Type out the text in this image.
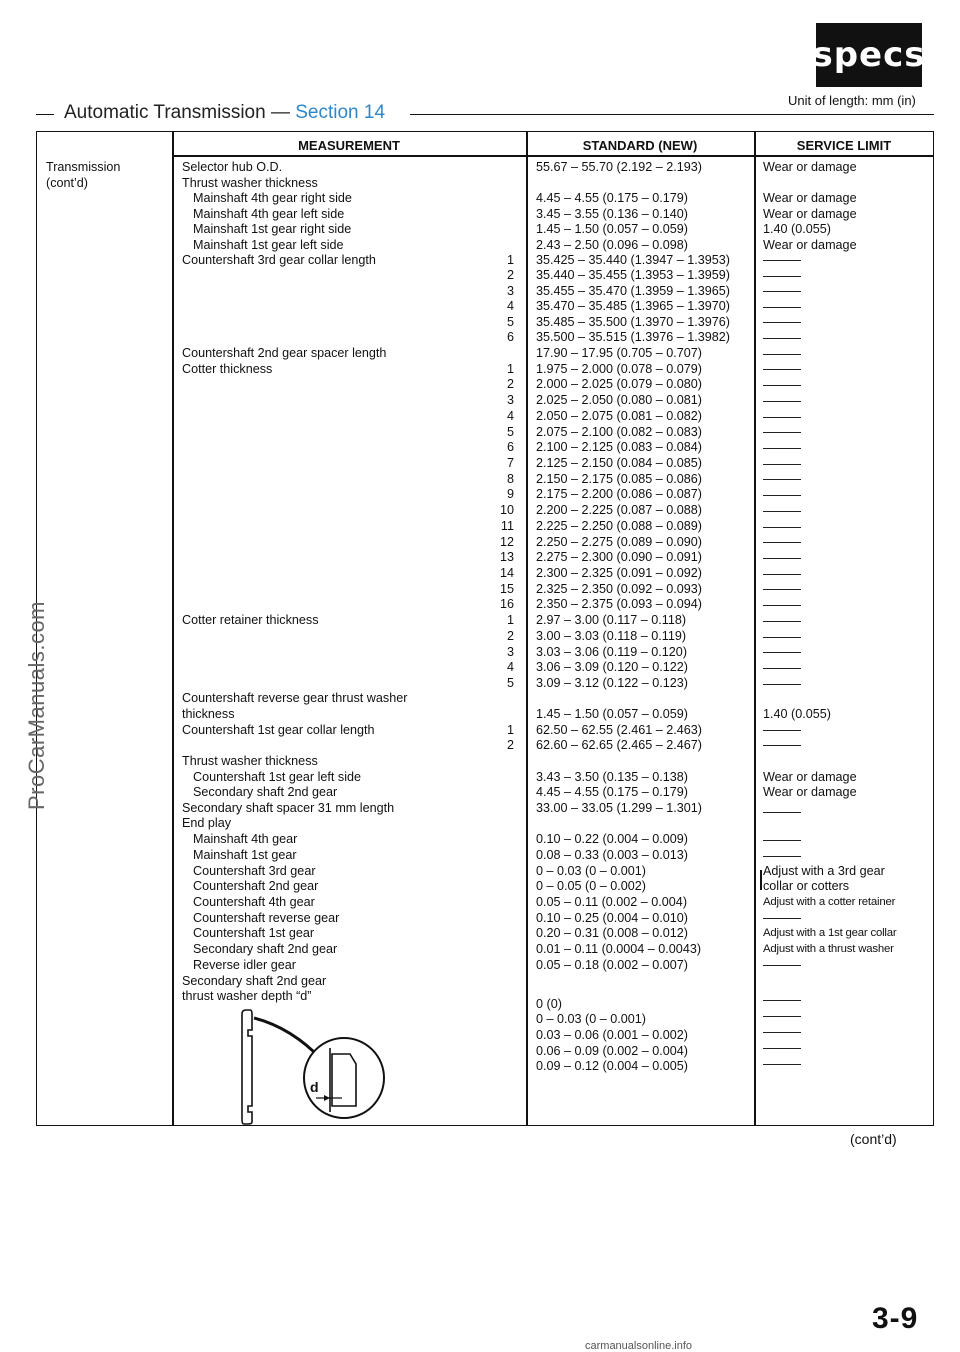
specs
Automatic Transmission — Section 14
Unit of length: mm (in)
MEASUREMENT	STANDARD (NEW)	SERVICE LIMIT
Transmission
(cont’d)
Selector hub O.D.
Thrust washer thickness
Mainshaft 4th gear right side
Mainshaft 4th gear left side
Mainshaft 1st gear right side
Mainshaft 1st gear left side
Countershaft 3rd gear collar length
Countershaft 2nd gear spacer length
Cotter thickness
Cotter retainer thickness
Countershaft reverse gear thrust washer
thickness
Countershaft 1st gear collar length
Thrust washer thickness
Countershaft 1st gear left side
Secondary shaft 2nd gear
Secondary shaft spacer 31 mm length
End play
Mainshaft 4th gear
Mainshaft 1st gear
Countershaft 3rd gear
Countershaft 2nd gear
Countershaft 4th gear
Countershaft reverse gear
Countershaft 1st gear
Secondary shaft 2nd gear
Reverse idler gear
Secondary shaft 2nd gear
thrust washer depth “d”
1
2
3
4
5
6
1
2
3
4
5
6
7
8
9
10
11
12
13
14
15
16
1
2
3
4
5
1
2
55.67 – 55.70 (2.192 – 2.193)
4.45 – 4.55 (0.175 – 0.179)
3.45 – 3.55 (0.136 – 0.140)
1.45 – 1.50 (0.057 – 0.059)
2.43 – 2.50 (0.096 – 0.098)
35.425 – 35.440 (1.3947 – 1.3953)
35.440 – 35.455 (1.3953 – 1.3959)
35.455 – 35.470 (1.3959 – 1.3965)
35.470 – 35.485 (1.3965 – 1.3970)
35.485 – 35.500 (1.3970 – 1.3976)
35.500 – 35.515 (1.3976 – 1.3982)
17.90 – 17.95 (0.705 – 0.707)
1.975 – 2.000 (0.078 – 0.079)
2.000 – 2.025 (0.079 – 0.080)
2.025 – 2.050 (0.080 – 0.081)
2.050 – 2.075 (0.081 – 0.082)
2.075 – 2.100 (0.082 – 0.083)
2.100 – 2.125 (0.083 – 0.084)
2.125 – 2.150 (0.084 – 0.085)
2.150 – 2.175 (0.085 – 0.086)
2.175 – 2.200 (0.086 – 0.087)
2.200 – 2.225 (0.087 – 0.088)
2.225 – 2.250 (0.088 – 0.089)
2.250 – 2.275 (0.089 – 0.090)
2.275 – 2.300 (0.090 – 0.091)
2.300 – 2.325 (0.091 – 0.092)
2.325 – 2.350 (0.092 – 0.093)
2.350 – 2.375 (0.093 – 0.094)
2.97 – 3.00 (0.117 – 0.118)
3.00 – 3.03 (0.118 – 0.119)
3.03 – 3.06 (0.119 – 0.120)
3.06 – 3.09 (0.120 – 0.122)
3.09 – 3.12 (0.122 – 0.123)
1.45 – 1.50 (0.057 – 0.059)
62.50 – 62.55 (2.461 – 2.463)
62.60 – 62.65 (2.465 – 2.467)
3.43 – 3.50 (0.135 – 0.138)
4.45 – 4.55 (0.175 – 0.179)
33.00 – 33.05 (1.299 – 1.301)
0.10 – 0.22 (0.004 – 0.009)
0.08 – 0.33 (0.003 – 0.013)
0 – 0.03 (0 – 0.001)
0 – 0.05 (0 – 0.002)
0.05 – 0.11 (0.002 – 0.004)
0.10 – 0.25 (0.004 – 0.010)
0.20 – 0.31 (0.008 – 0.012)
0.01 – 0.11 (0.0004 – 0.0043)
0.05 – 0.18 (0.002 – 0.007)
0 (0)
0 – 0.03 (0 – 0.001)
0.03 – 0.06 (0.001 – 0.002)
0.06 – 0.09 (0.002 – 0.004)
0.09 – 0.12 (0.004 – 0.005)
Wear or damage
Wear or damage
Wear or damage
1.40 (0.055)
Wear or damage
1.40 (0.055)
Wear or damage
Wear or damage
Adjust with a 3rd gear
collar or cotters
Adjust with a cotter retainer
Adjust with a 1st gear collar
Adjust with a thrust washer
d
ProCarManuals.com
(cont’d)
3-9
carmanualsonline.info
